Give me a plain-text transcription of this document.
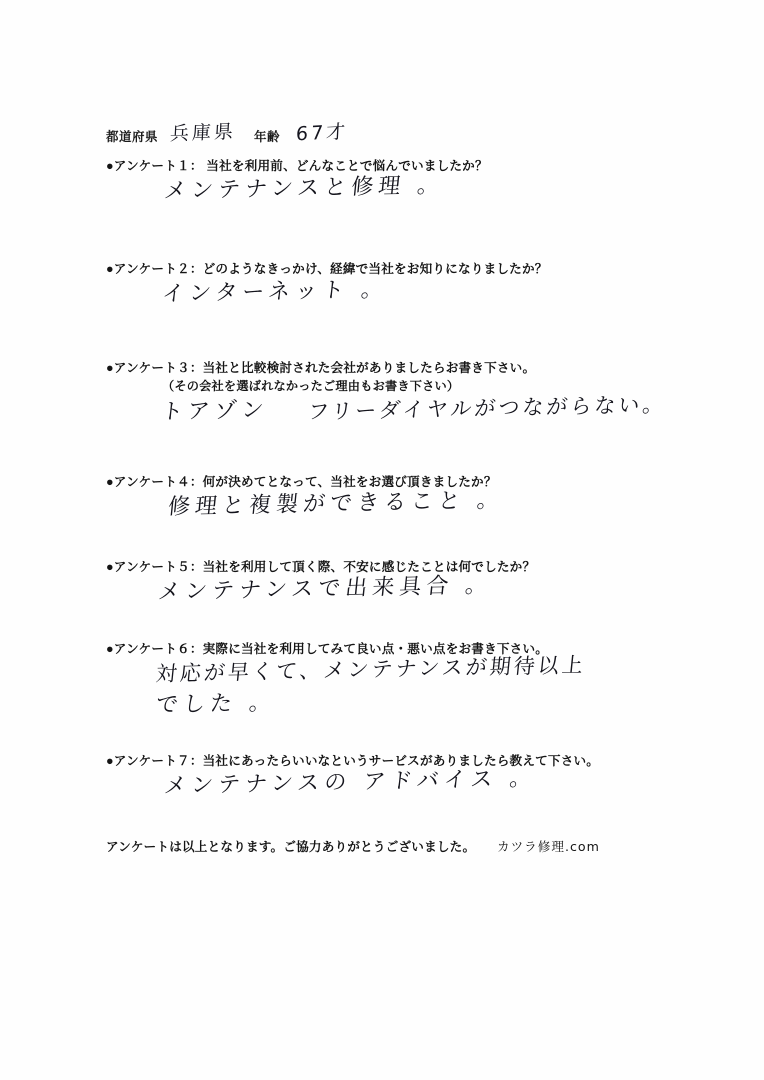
都道府県 兵庫県 年齢 67才
●アンケート１： 当社を利用前、どんなことで悩んでいましたか？
メンテナンスと修理 。
●アンケート２：どのようなきっかけ、経緯で当社をお知りになりましたか？
インターネット 。
●アンケート３：当社と比較検討された会社がありましたらお書き下さい。
（その会社を選ばれなかったご理由もお書き下さい）
トアゾン フリーダイヤルがつながらない。
●アンケート４：何が決めてとなって、当社をお選び頂きましたか？
修理と複製ができること 。
●アンケート５：当社を利用して頂く際、不安に感じたことは何でしたか？
メンテナンスで出来具合 。
●アンケート６：実際に当社を利用してみて良い点・悪い点をお書き下さい。
対応が早くて、メンテナンスが期待以上
でした 。
●アンケート７：当社にあったらいいなというサービスがありましたら教えて下さい。
メンテナンスの アドバイス 。
アンケートは以上となります。ご協力ありがとうございました。 カツラ修理.com
